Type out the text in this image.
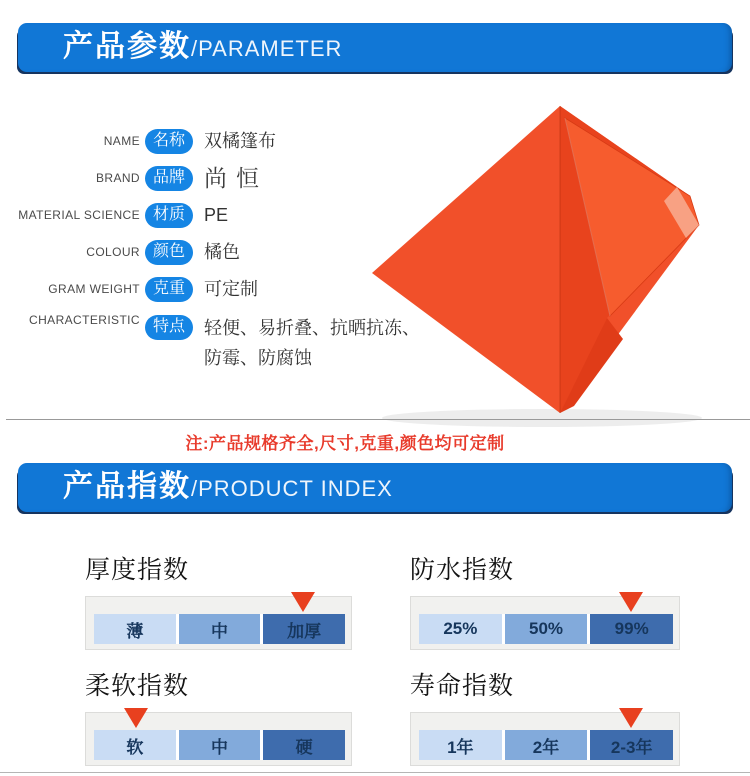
产品参数/PARAMETER
NAME 名称	双橘篷布
BRAND 品牌 尚恒
MATERIAL SCIENCE 材质	PE
COLOUR 颜色	橘色
GRAM WEIGHT 克重	可定制
CHARACTERISTIC 特点	轻便、易折叠、抗晒抗冻、防霉、防腐蚀
注:产品规格齐全,尺寸,克重,颜色均可定制
产品指数/PRODUCT INDEX
厚度指数
薄	中	加厚
防水指数
25%	50%	99%
柔软指数
软	中	硬
寿命指数
1年	2年	2-3年
